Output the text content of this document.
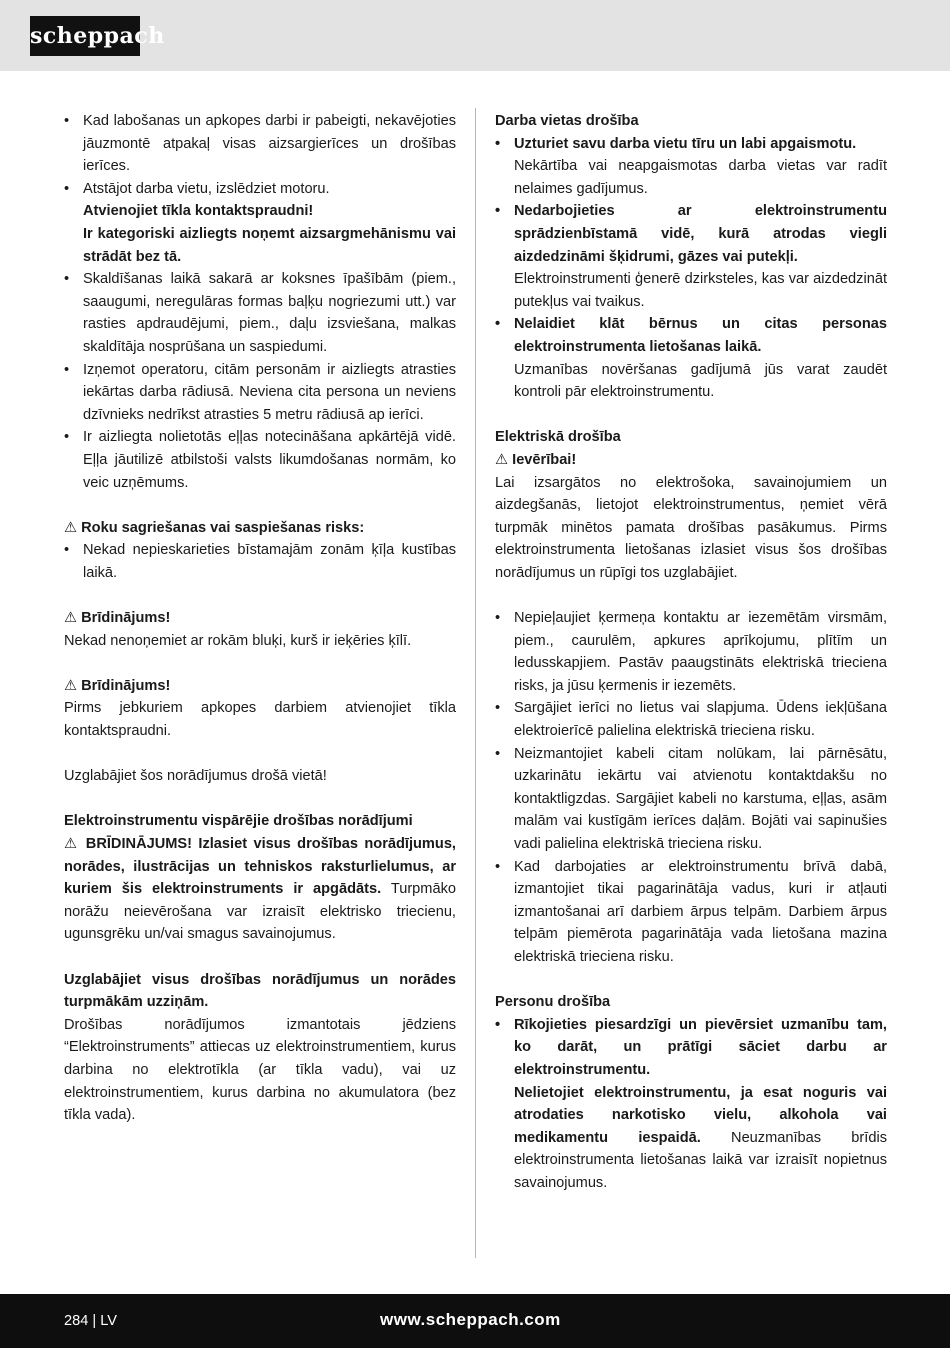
scheppach
• Kad labošanas un apkopes darbi ir pabeigti, nekavējoties jāuzmontē atpakaļ visas aizsargierīces un drošības ierīces.
• Atstājot darba vietu, izslēdziet motoru.
Atvienojiet tīkla kontaktspraudni!
Ir kategoriski aizliegts noņemt aizsargmehānismu vai strādāt bez tā.
• Skaldīšanas laikā sakarā ar koksnes īpašībām (piem., saaugumi, neregulāras formas baļķu nogriezumi utt.) var rasties apdraudējumi, piem., daļu izsviešana, malkas skaldītāja nosprūšana un saspiedumi.
• Izņemot operatoru, citām personām ir aizliegts atrasties iekārtas darba rādiusā. Neviena cita persona un neviens dzīvnieks nedrīkst atrasties 5 metru rādiusā ap ierīci.
• Ir aizliegta nolietotās eļļas notecināšana apkārtējā vidē. Eļļa jāutilizē atbilstoši valsts likumdošanas normām, ko veic uzņēmums.
⚠ Roku sagriešanas vai saspiešanas risks:
• Nekad nepieskarieties bīstamajām zonām ķīļa kustības laikā.
⚠ Brīdinājums!
Nekad nenoņemiet ar rokām bluķi, kurš ir ieķēries ķīlī.
⚠ Brīdinājums!
Pirms jebkuriem apkopes darbiem atvienojiet tīkla kontaktspraudni.
Uzglabājiet šos norādījumus drošā vietā!
Elektroinstrumentu vispārējie drošības norādījumi
⚠ BRĪDINĀJUMS! Izlasiet visus drošības norādījumus, norādes, ilustrācijas un tehniskos raksturlielumus, ar kuriem šis elektroinstruments ir apgādāts. Turpmāko norāžu neievērošana var izraisīt elektrisko triecienu, ugunsgrēku un/vai smagus savainojumus.
Uzglabājiet visus drošības norādījumus un norādes turpmākām uzziņām.
Drošības norādījumos izmantotais jēdziens “Elektroinstruments” attiecas uz elektroinstrumentiem, kurus darbina no elektrotīkla (ar tīkla vadu), vai uz elektroinstrumentiem, kurus darbina no akumulatora (bez tīkla vada).
Darba vietas drošība
• Uzturiet savu darba vietu tīru un labi apgaismotu.
Nekārtība vai neapgaismotas darba vietas var radīt nelaimes gadījumus.
• Nedarbojieties ar elektroinstrumentu sprādzienbīstamā vidē, kurā atrodas viegli aizdedzināmi šķidrumi, gāzes vai putekļi.
Elektroinstrumenti ģenerē dzirksteles, kas var aizdedzināt putekļus vai tvaikus.
• Nelaidiet klāt bērnus un citas personas elektroinstrumenta lietošanas laikā.
Uzmanības novēršanas gadījumā jūs varat zaudēt kontroli pār elektroinstrumentu.
Elektriskā drošība
⚠ Ievērībai!
Lai izsargātos no elektrošoka, savainojumiem un aizdegšanās, lietojot elektroinstrumentus, ņemiet vērā turpmāk minētos pamata drošības pasākumus. Pirms elektroinstrumenta lietošanas izlasiet visus šos drošības norādījumus un rūpīgi tos uzglabājiet.
• Nepieļaujiet ķermeņa kontaktu ar iezemētām virsmām, piem., caurulēm, apkures aprīkojumu, plītīm un ledusskapjiem. Pastāv paaugstināts elektriskā trieciena risks, ja jūsu ķermenis ir iezemēts.
• Sargājiet ierīci no lietus vai slapjuma. Ūdens iekļūšana elektroierīcē palielina elektriskā trieciena risku.
• Neizmantojiet kabeli citam nolūkam, lai pārnēsātu, uzkarinātu iekārtu vai atvienotu kontaktdakšu no kontaktligzdas. Sargājiet kabeli no karstuma, eļļas, asām malām vai kustīgām ierīces daļām. Bojāti vai sapinušies vadi palielina elektriskā trieciena risku.
• Kad darbojaties ar elektroinstrumentu brīvā dabā, izmantojiet tikai pagarinātāja vadus, kuri ir atļauti izmantošanai arī darbiem ārpus telpām. Darbiem ārpus telpām piemērota pagarinātāja vada lietošana mazina elektriskā trieciena risku.
Personu drošība
• Rīkojieties piesardzīgi un pievērsiet uzmanību tam, ko darāt, un prātīgi sāciet darbu ar elektroinstrumentu.
Nelietojiet elektroinstrumentu, ja esat noguris vai atrodaties narkotisko vielu, alkohola vai medikamentu iespaidā. Neuzmanības brīdis elektroinstrumenta lietošanas laikā var izraisīt nopietnus savainojumus.
284 | LV	www.scheppach.com
